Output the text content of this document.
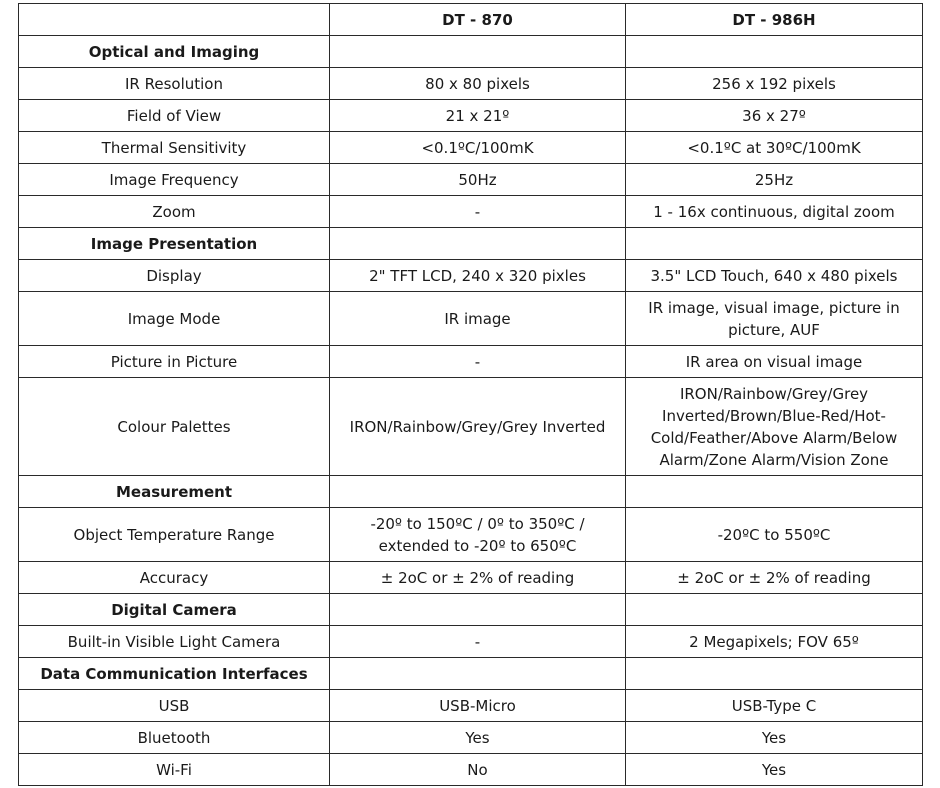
	DT - 870	DT - 986H
Optical and Imaging		
IR Resolution	80 x 80 pixels	256 x 192 pixels
Field of View	21 x 21º	36 x 27º
Thermal Sensitivity	<0.1ºC/100mK	<0.1ºC at 30ºC/100mK
Image Frequency	50Hz	25Hz
Zoom	-	1 - 16x continuous, digital zoom
Image Presentation		
Display	2" TFT LCD, 240 x 320 pixles	3.5" LCD Touch, 640 x 480 pixels
Image Mode	IR image	IR image, visual image, picture in picture, AUF
Picture in Picture	-	IR area on visual image
Colour Palettes	IRON/Rainbow/Grey/Grey Inverted	IRON/Rainbow/Grey/Grey Inverted/Brown/Blue-Red/Hot-Cold/Feather/Above Alarm/Below Alarm/Zone Alarm/Vision Zone
Measurement		
Object Temperature Range	-20º to 150ºC / 0º to 350ºC / extended to -20º to 650ºC	-20ºC to 550ºC
Accuracy	± 2oC or ± 2% of reading	± 2oC or ± 2% of reading
Digital Camera		
Built-in Visible Light Camera	-	2 Megapixels; FOV 65º
Data Communication Interfaces		
USB	USB-Micro	USB-Type C
Bluetooth	Yes	Yes
Wi-Fi	No	Yes
